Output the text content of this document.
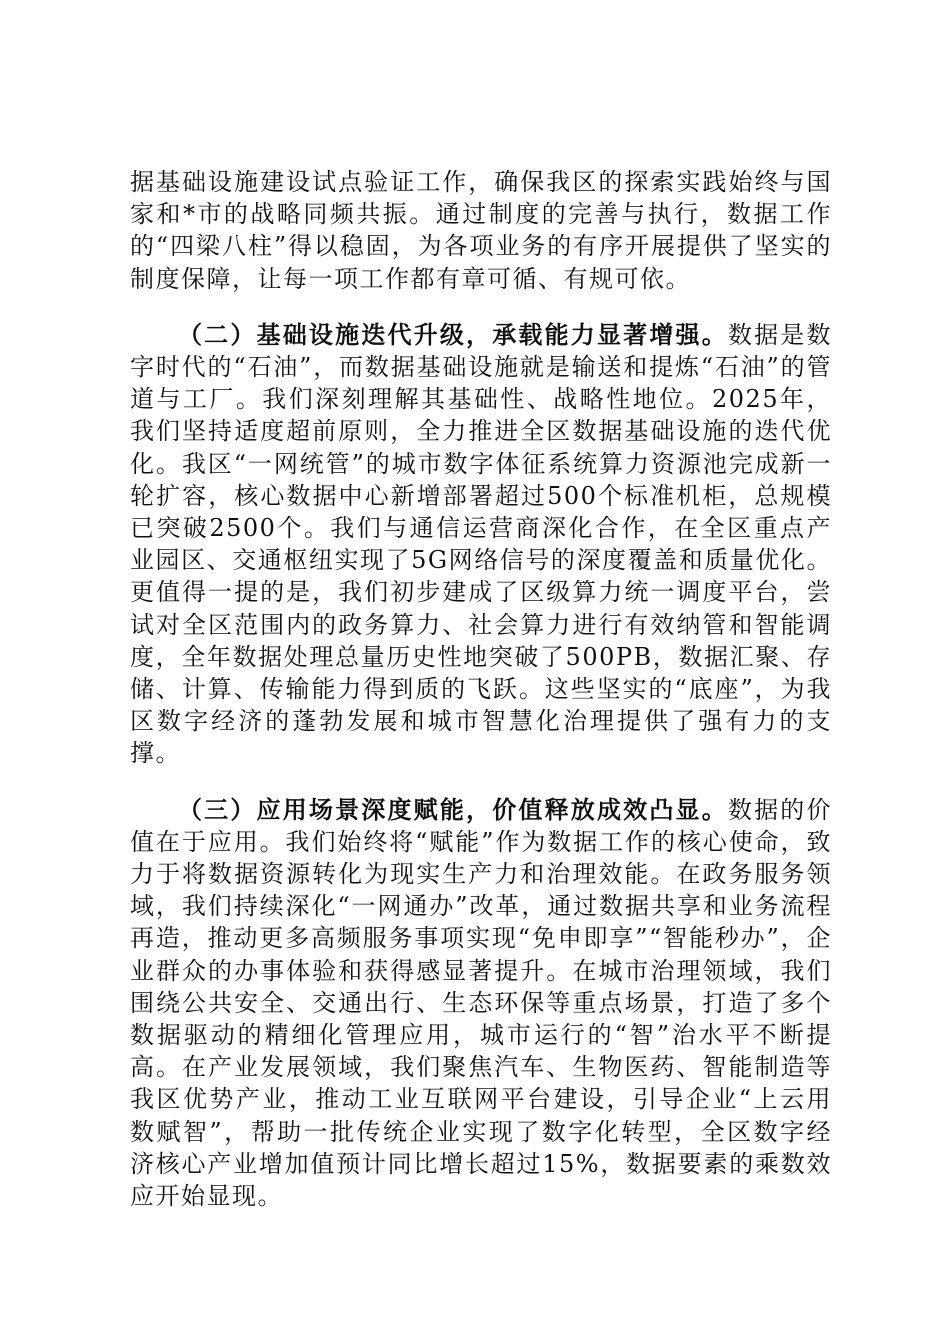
据基础设施建设试点验证工作，确保我区的探索实践始终与国家和*市的战略同频共振。通过制度的完善与执行，数据工作的“四梁八柱”得以稳固，为各项业务的有序开展提供了坚实的制度保障，让每一项工作都有章可循、有规可依。

（二）基础设施迭代升级，承载能力显著增强。数据是数字时代的“石油”，而数据基础设施就是输送和提炼“石油”的管道与工厂。我们深刻理解其基础性、战略性地位。2025年，我们坚持适度超前原则，全力推进全区数据基础设施的迭代优化。我区“一网统管”的城市数字体征系统算力资源池完成新一轮扩容，核心数据中心新增部署超过500个标准机柜，总规模已突破2500个。我们与通信运营商深化合作，在全区重点产业园区、交通枢纽实现了5G网络信号的深度覆盖和质量优化。更值得一提的是，我们初步建成了区级算力统一调度平台，尝试对全区范围内的政务算力、社会算力进行有效纳管和智能调度，全年数据处理总量历史性地突破了500PB，数据汇聚、存储、计算、传输能力得到质的飞跃。这些坚实的“底座”，为我区数字经济的蓬勃发展和城市智慧化治理提供了强有力的支撑。

（三）应用场景深度赋能，价值释放成效凸显。数据的价值在于应用。我们始终将“赋能”作为数据工作的核心使命，致力于将数据资源转化为现实生产力和治理效能。在政务服务领域，我们持续深化“一网通办”改革，通过数据共享和业务流程再造，推动更多高频服务事项实现“免申即享”“智能秒办”，企业群众的办事体验和获得感显著提升。在城市治理领域，我们围绕公共安全、交通出行、生态环保等重点场景，打造了多个数据驱动的精细化管理应用，城市运行的“智”治水平不断提高。在产业发展领域，我们聚焦汽车、生物医药、智能制造等我区优势产业，推动工业互联网平台建设，引导企业“上云用数赋智”，帮助一批传统企业实现了数字化转型，全区数字经济核心产业增加值预计同比增长超过15%，数据要素的乘数效应开始显现。
